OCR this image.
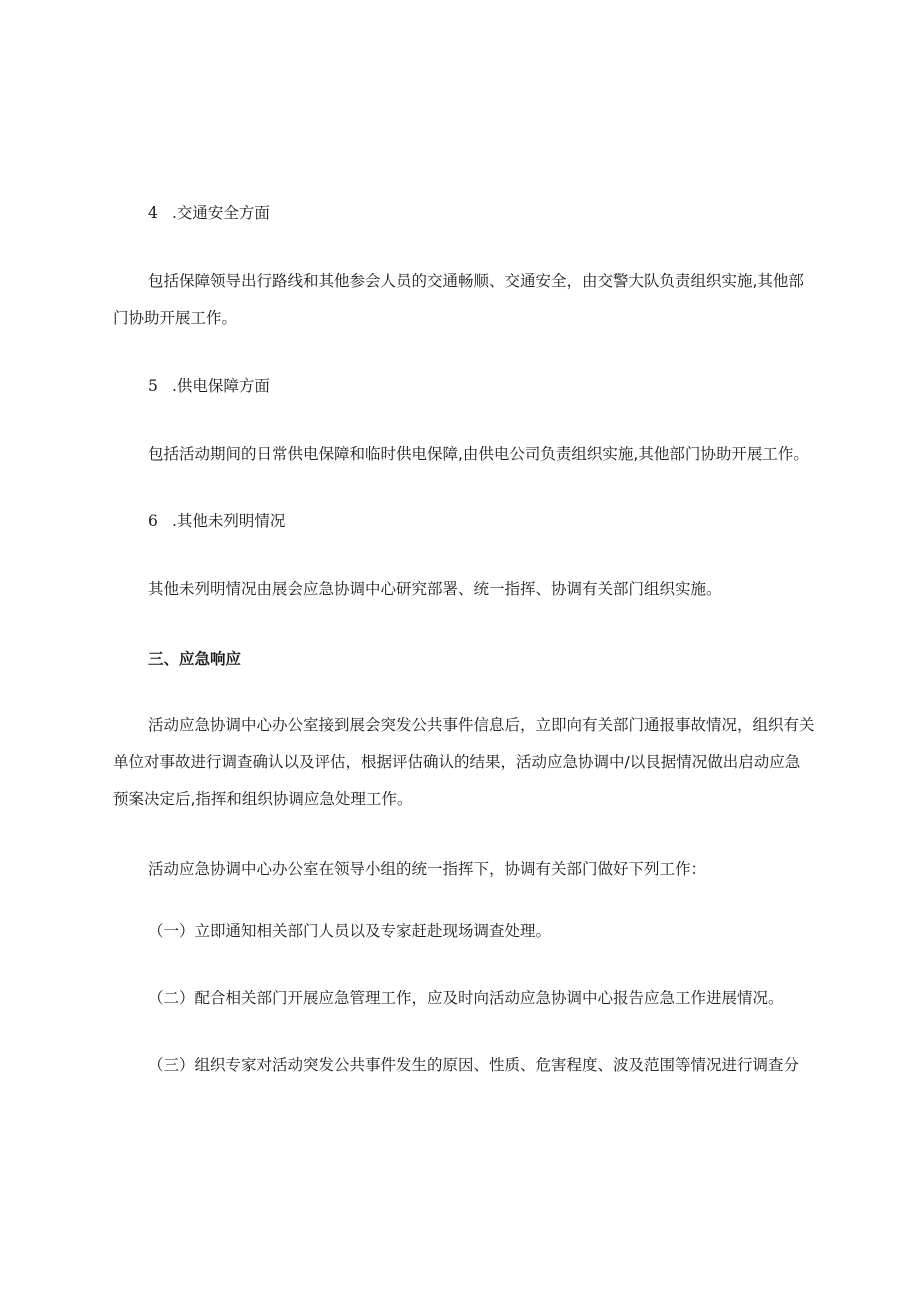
4 .交通安全方面
包括保障领导出行路线和其他参会人员的交通畅顺、交通安全，由交警大队负责组织实施,其他部
门协助开展工作。
5 .供电保障方面
包括活动期间的日常供电保障和临时供电保障,由供电公司负责组织实施,其他部门协助开展工作。
6 .其他未列明情况
其他未列明情况由展会应急协调中心研究部署、统一指挥、协调有关部门组织实施。
三、应急响应
活动应急协调中心办公室接到展会突发公共事件信息后，立即向有关部门通报事故情况，组织有关
单位对事故进行调查确认以及评估，根据评估确认的结果，活动应急协调中/以艮据情况做出启动应急
预案决定后,指挥和组织协调应急处理工作。
活动应急协调中心办公室在领导小组的统一指挥下，协调有关部门做好下列工作：
（一）立即通知相关部门人员以及专家赶赴现场调查处理。
（二）配合相关部门开展应急管理工作，应及时向活动应急协调中心报告应急工作进展情况。
（三）组织专家对活动突发公共事件发生的原因、性质、危害程度、波及范围等情况进行调查分
